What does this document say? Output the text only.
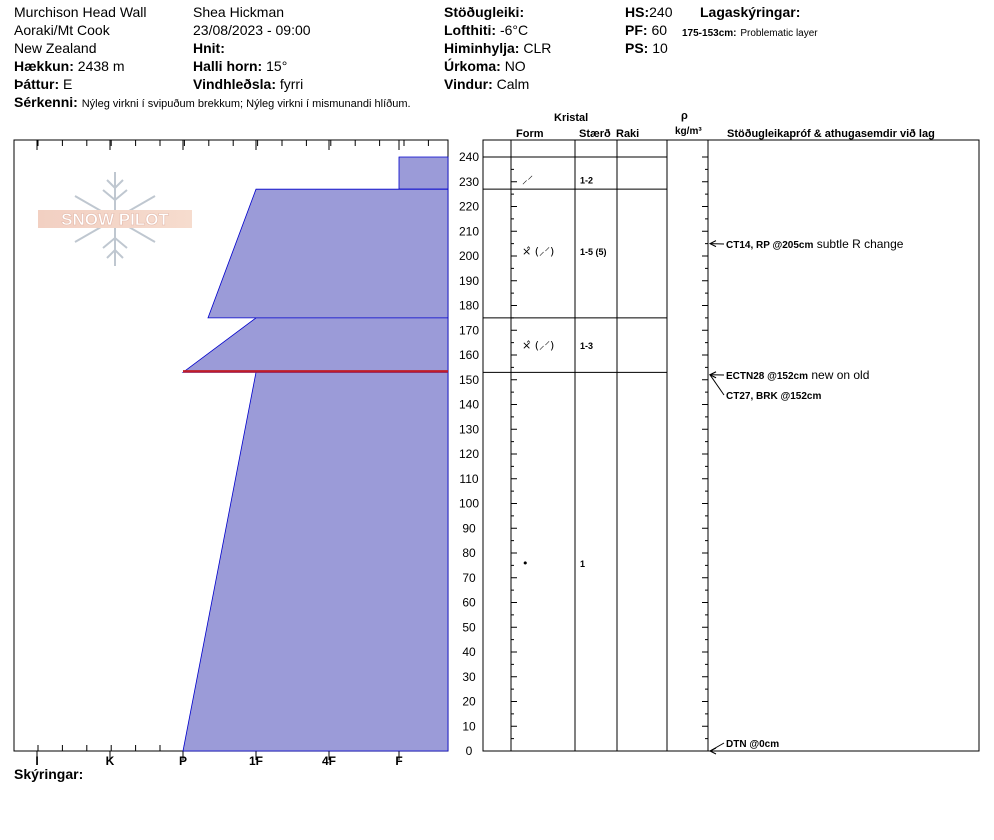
Murchison Head Wall
Aoraki/Mt Cook
New Zealand
Hækkun: 2438 m
Þáttur: E
Sérkenni: Nýleg virkni í svipuðum brekkum; Nýleg virkni í mismunandi hlíðum.
Shea Hickman
23/08/2023 - 09:00
Hnit:
Halli horn: 15°
Vindhleðsla: fyrri
Stöðugleiki:
Lofthiti: -6°C
Himinhylja: CLR
Úrkoma: NO
Vindur: Calm
HS:240
PF: 60
PS: 10
Lagaskýringar:
175-153cm: Problematic layer
Kristal
Form	Stærð Raki
ρ
kg/m³ Stöðugleikapróf & athugasemdir við lag
Skýringar:
SNOW PILOT
I	K	P	1F	4F	F
0
10
20
30
40
50
60
70
80
90
100
110
120
130
140
150
160
170
180
190
200
210
220
230
240
⸝⸍	1-2
⨯̂ (⸝⸍)	1-5 (5)
⨯̂ (⸝⸍)	1-3
•	1
CT14, RP @205cm subtle R change
ECTN28 @152cm new on old
CT27, BRK @152cm
DTN @0cm
